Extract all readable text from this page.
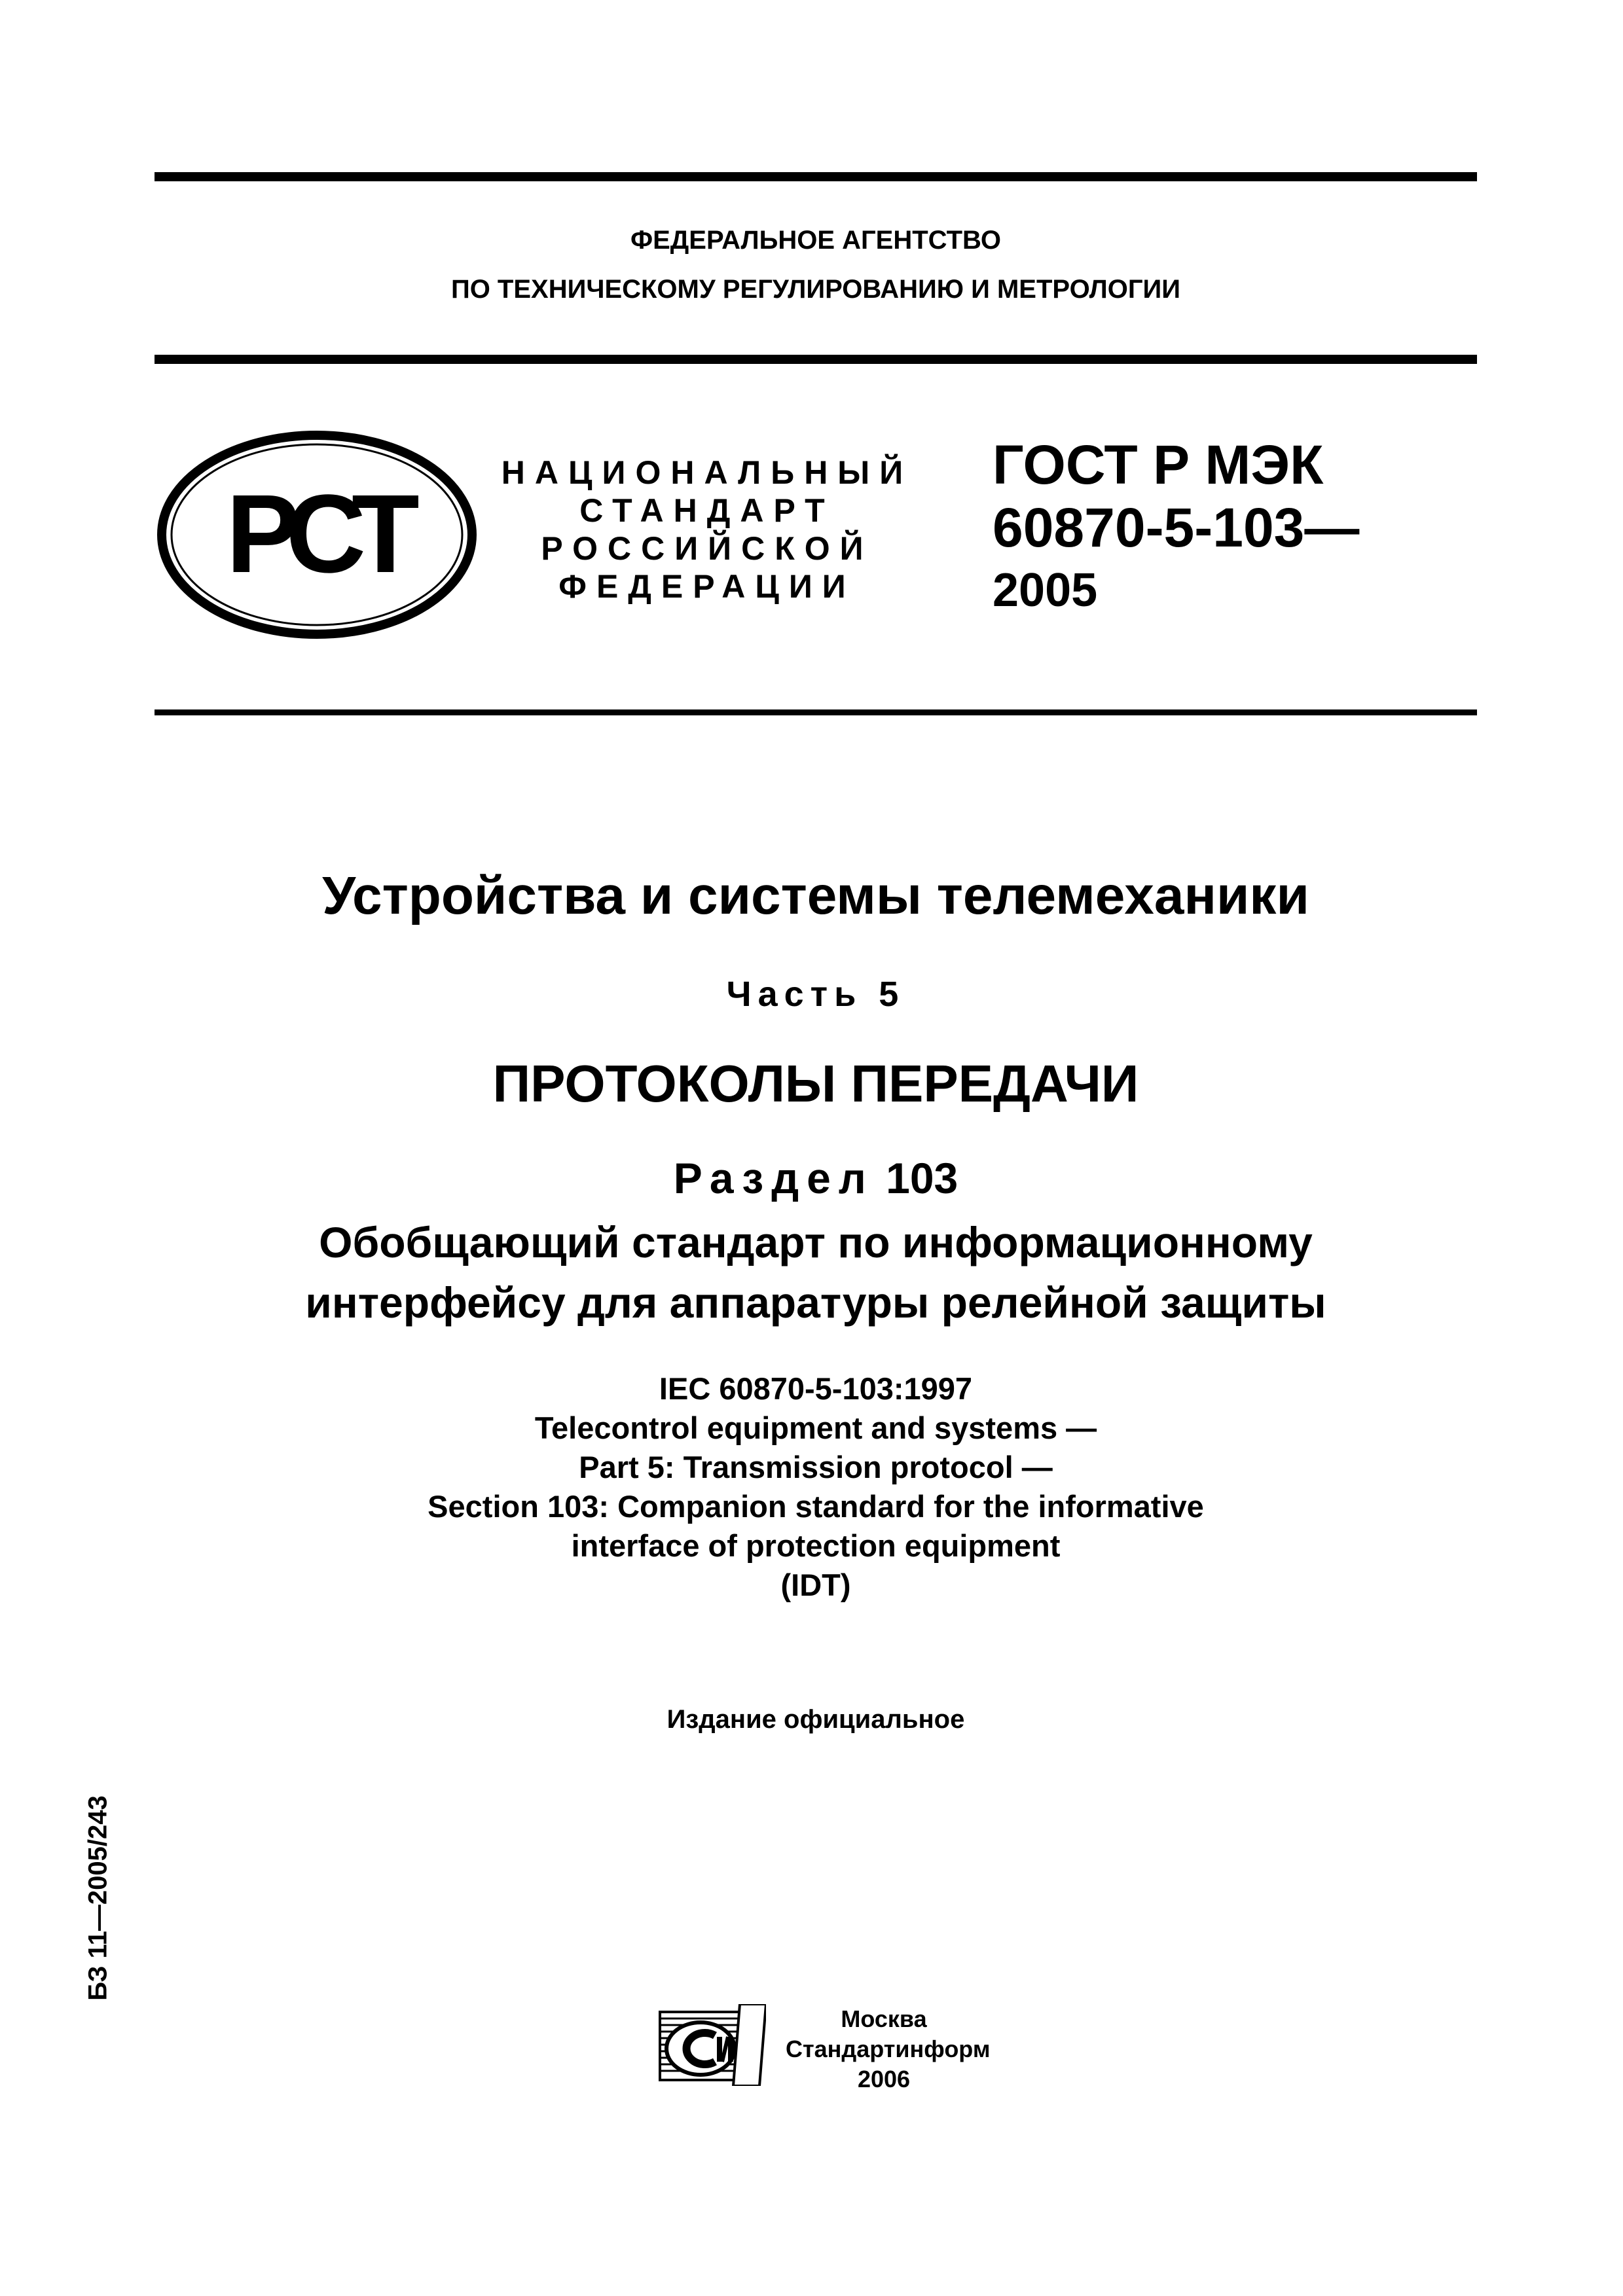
ФЕДЕРАЛЬНОЕ АГЕНТСТВО
ПО ТЕХНИЧЕСКОМУ РЕГУЛИРОВАНИЮ И МЕТРОЛОГИИ
РСТ	НАЦИОНАЛЬНЫЙ
СТАНДАРТ
РОССИЙСКОЙ
ФЕДЕРАЦИИ
ГОСТ Р МЭК
60870-5-103—
2005
Устройства и системы телемеханики
Часть 5
ПРОТОКОЛЫ ПЕРЕДАЧИ
Раздел 103
Обобщающий стандарт по информационному
интерфейсу для аппаратуры релейной защиты
IEC 60870-5-103:1997
Telecontrol equipment and systems —
Part 5: Transmission protocol —
Section 103: Companion standard for the informative
interface of protection equipment
(IDT)
Издание официальное
БЗ 11—2005/243
Москва
Стандартинформ
2006
